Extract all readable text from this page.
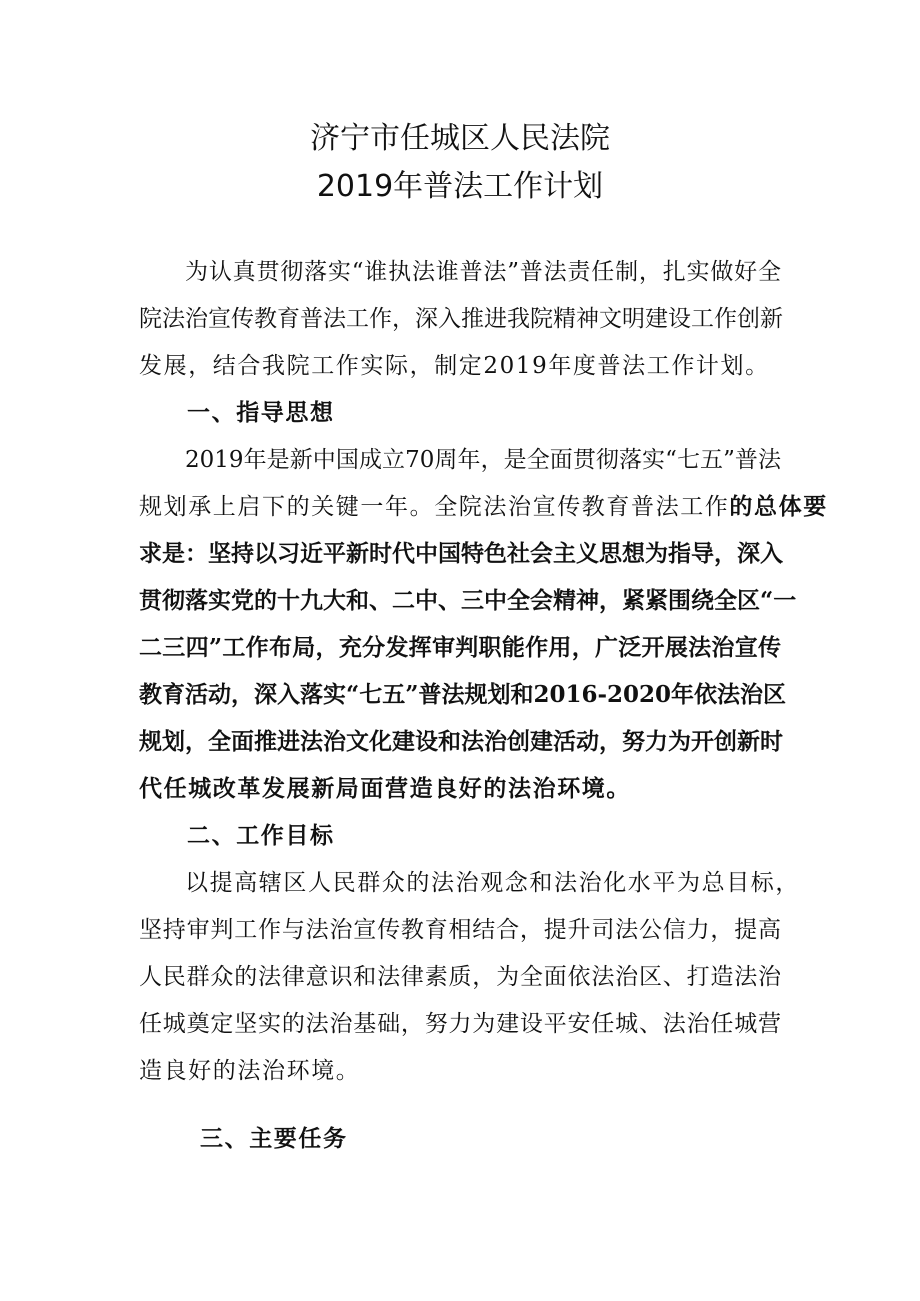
济宁市任城区人民法院
2019年普法工作计划
为认真贯彻落实“谁执法谁普法”普法责任制，扎实做好全
院法治宣传教育普法工作，深入推进我院精神文明建设工作创新
发展，结合我院工作实际，制定2019年度普法工作计划。
一、指导思想
2019年是新中国成立70周年，是全面贯彻落实“七五”普法
规划承上启下的关键一年。全院法治宣传教育普法工作的总体要
求是：坚持以习近平新时代中国特色社会主义思想为指导，深入
贯彻落实党的十九大和、二中、三中全会精神，紧紧围绕全区“一
二三四”工作布局，充分发挥审判职能作用，广泛开展法治宣传
教育活动，深入落实“七五”普法规划和2016-2020年依法治区
规划，全面推进法治文化建设和法治创建活动，努力为开创新时
代任城改革发展新局面营造良好的法治环境。
二、工作目标
以提高辖区人民群众的法治观念和法治化水平为总目标，
坚持审判工作与法治宣传教育相结合，提升司法公信力，提高
人民群众的法律意识和法律素质，为全面依法治区、打造法治
任城奠定坚实的法治基础，努力为建设平安任城、法治任城营
造良好的法治环境。
三、主要任务
